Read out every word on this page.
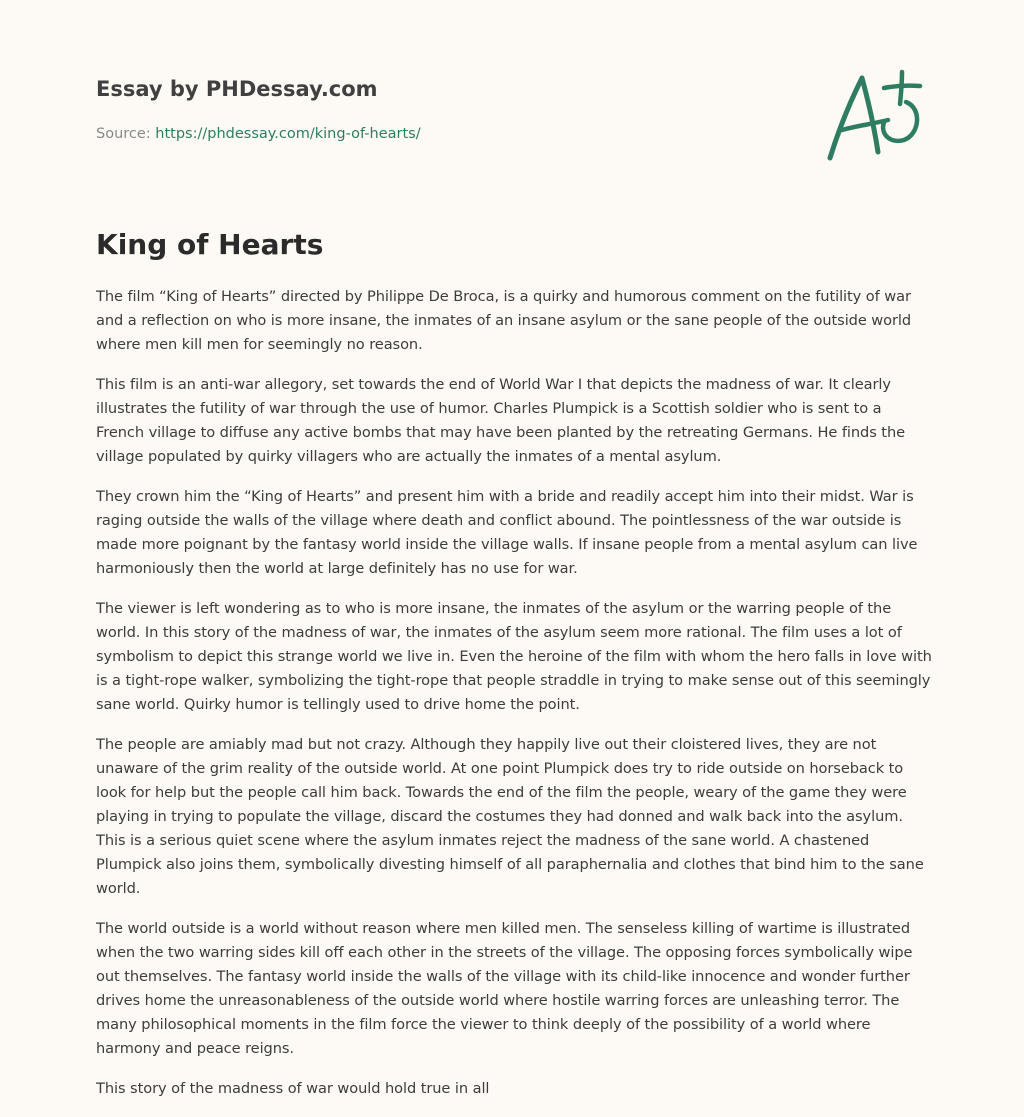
Essay by PHDessay.com
Source: https://phdessay.com/king-of-hearts/
King of Hearts

The film “King of Hearts” directed by Philippe De Broca, is a quirky and humorous comment on the futility of war and a reflection on who is more insane, the inmates of an insane asylum or the sane people of the outside world where men kill men for seemingly no reason.

This film is an anti-war allegory, set towards the end of World War I that depicts the madness of war. It clearly illustrates the futility of war through the use of humor. Charles Plumpick is a Scottish soldier who is sent to a French village to diffuse any active bombs that may have been planted by the retreating Germans. He finds the village populated by quirky villagers who are actually the inmates of a mental asylum.

They crown him the “King of Hearts” and present him with a bride and readily accept him into their midst. War is raging outside the walls of the village where death and conflict abound. The pointlessness of the war outside is made more poignant by the fantasy world inside the village walls. If insane people from a mental asylum can live harmoniously then the world at large definitely has no use for war.

The viewer is left wondering as to who is more insane, the inmates of the asylum or the warring people of the world. In this story of the madness of war, the inmates of the asylum seem more rational. The film uses a lot of symbolism to depict this strange world we live in. Even the heroine of the film with whom the hero falls in love with is a tight-rope walker, symbolizing the tight-rope that people straddle in trying to make sense out of this seemingly sane world. Quirky humor is tellingly used to drive home the point.

The people are amiably mad but not crazy. Although they happily live out their cloistered lives, they are not unaware of the grim reality of the outside world. At one point Plumpick does try to ride outside on horseback to look for help but the people call him back. Towards the end of the film the people, weary of the game they were playing in trying to populate the village, discard the costumes they had donned and walk back into the asylum. This is a serious quiet scene where the asylum inmates reject the madness of the sane world. A chastened Plumpick also joins them, symbolically divesting himself of all paraphernalia and clothes that bind him to the sane world.

The world outside is a world without reason where men killed men. The senseless killing of wartime is illustrated when the two warring sides kill off each other in the streets of the village. The opposing forces symbolically wipe out themselves. The fantasy world inside the walls of the village with its child-like innocence and wonder further drives home the unreasonableness of the outside world where hostile warring forces are unleashing terror. The many philosophical moments in the film force the viewer to think deeply of the possibility of a world where harmony and peace reigns.

This story of the madness of war would hold true in all
